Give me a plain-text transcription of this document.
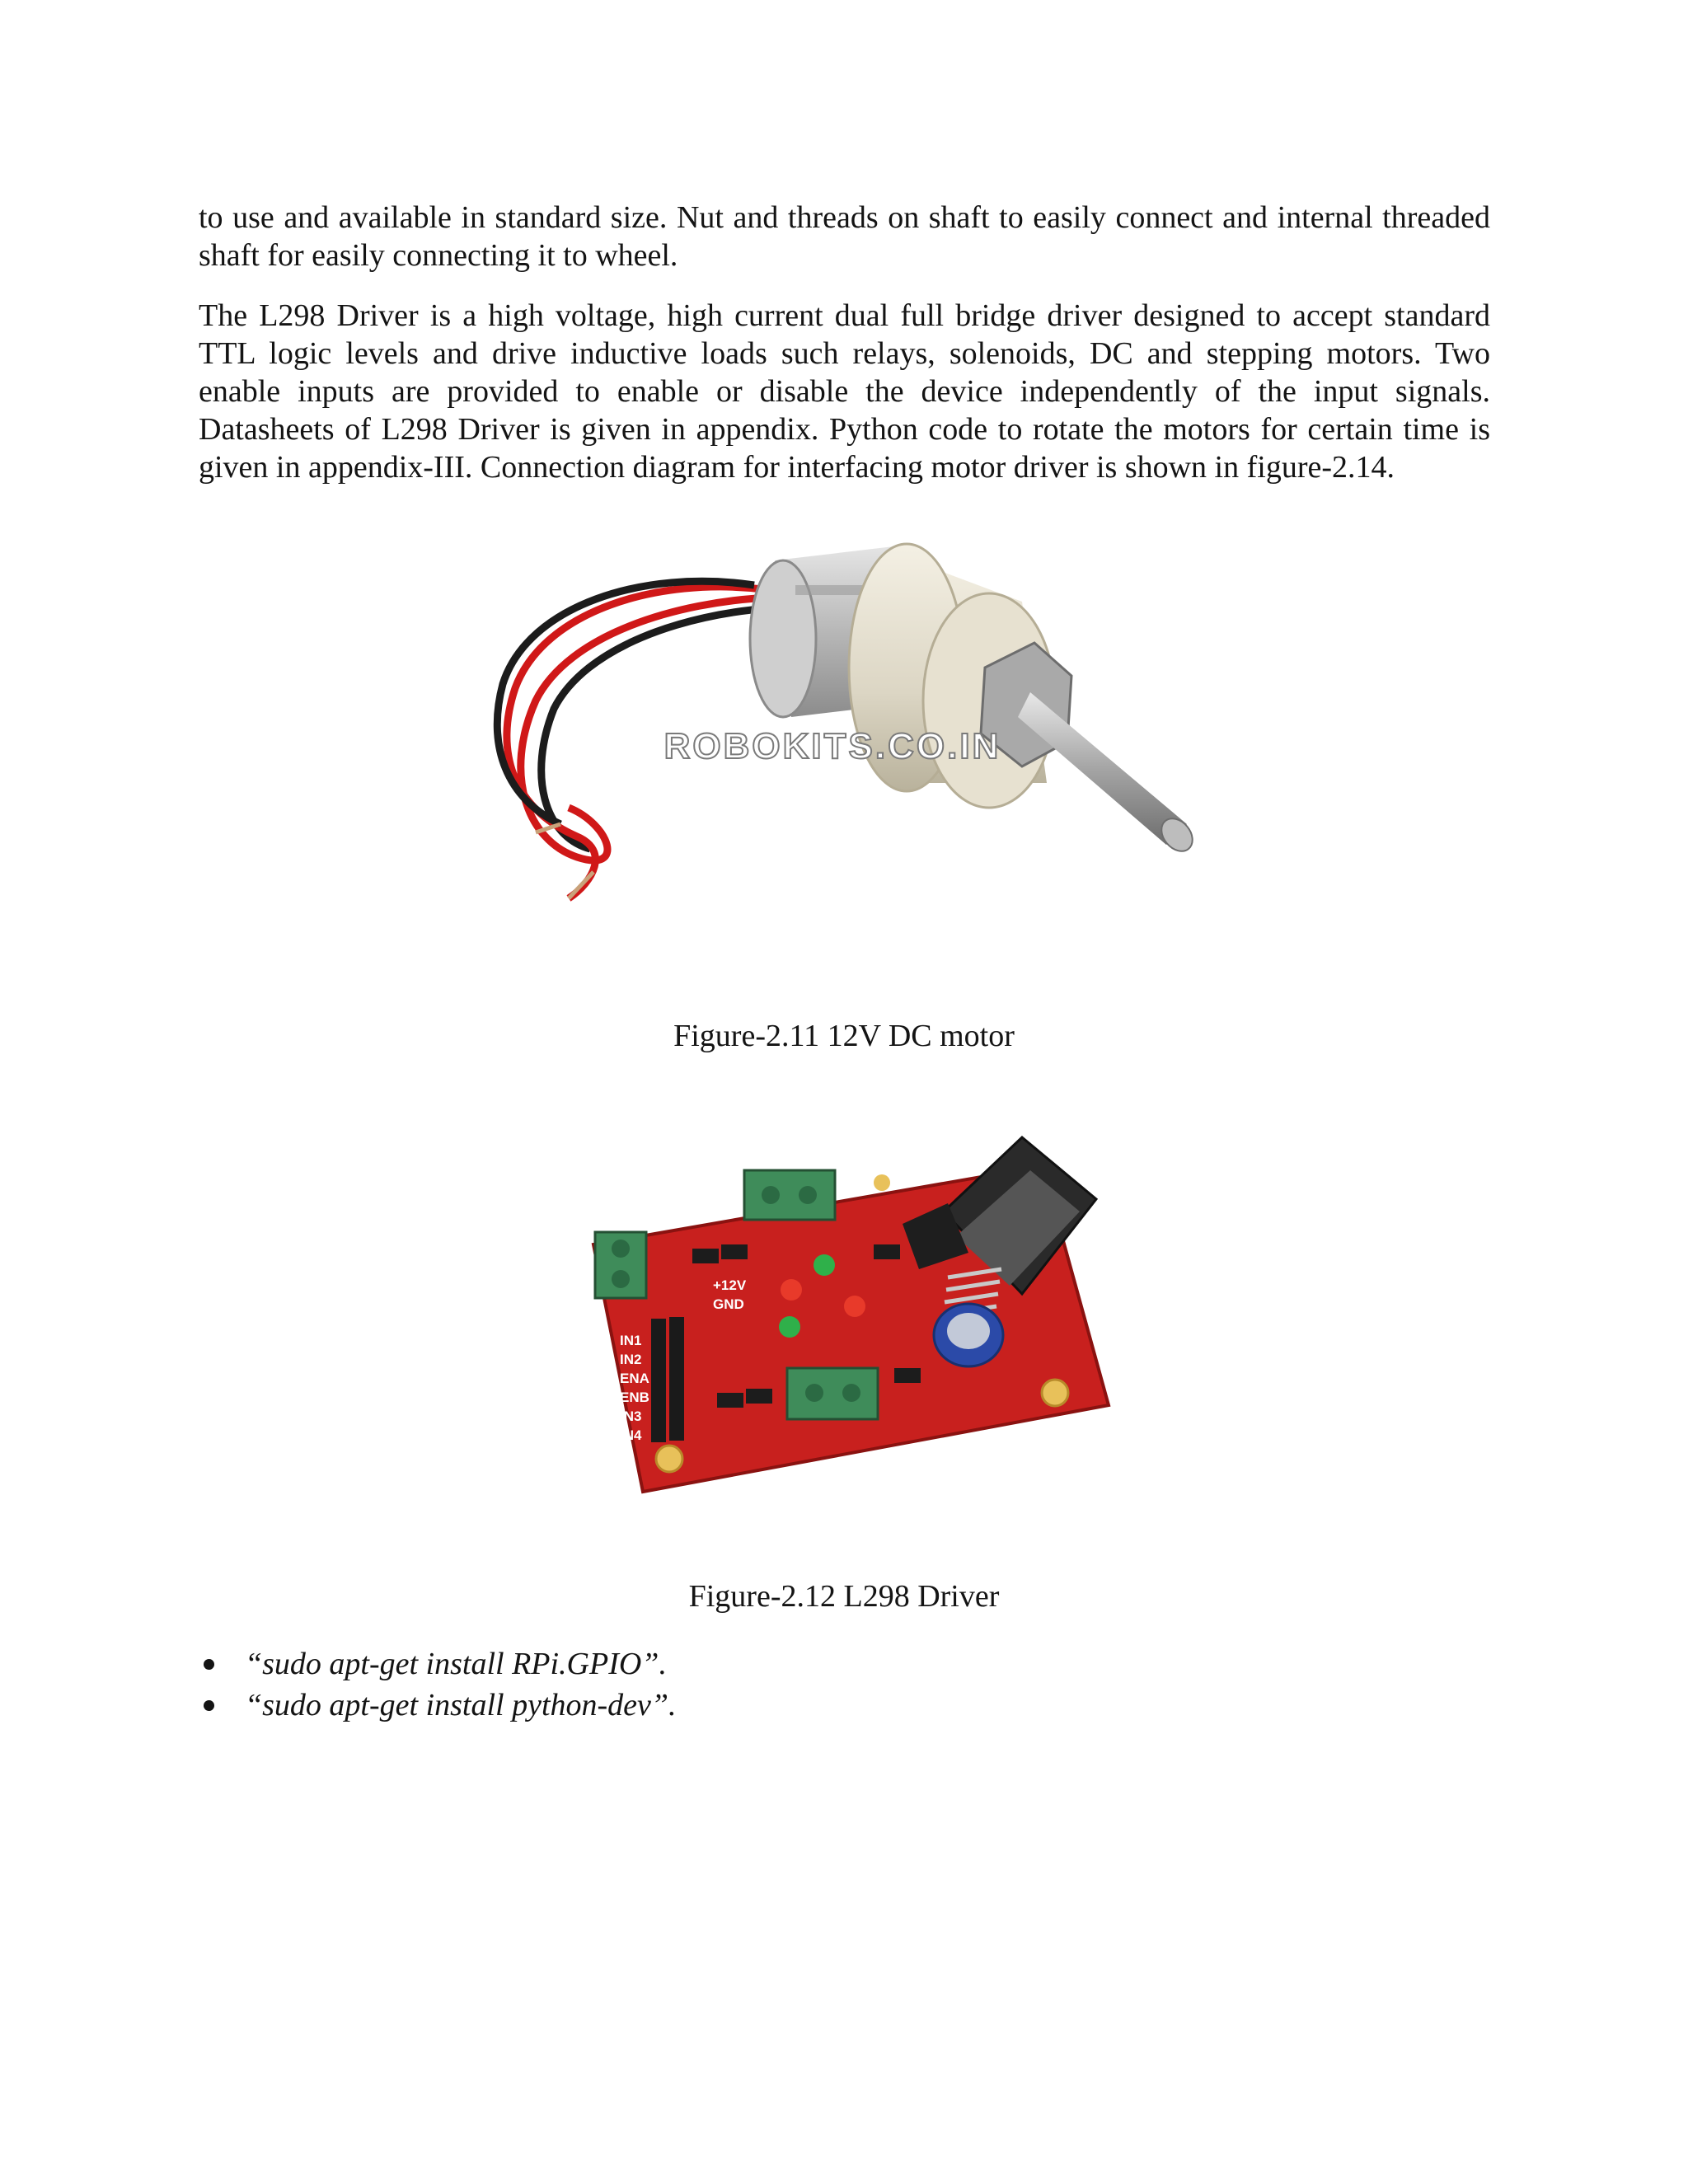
to use and available in standard size. Nut and threads on shaft to easily connect and internal threaded shaft for easily connecting it to wheel.

The L298 Driver is a high voltage, high current dual full bridge driver designed to accept standard TTL logic levels and drive inductive loads such relays, solenoids, DC and stepping motors. Two enable inputs are provided to enable or disable the device independently of the input signals. Datasheets of L298 Driver is given in appendix. Python code to rotate the motors for certain time is given in appendix-III. Connection diagram for interfacing motor driver is shown in figure-2.14.

ROBOKITS.CO.IN

Figure-2.11 12V DC motor

IN1
IN2
ENA
ENB
IN3
IN4
+12V
GND

Figure-2.12 L298 Driver

“sudo apt-get install RPi.GPIO”.
“sudo apt-get install python-dev”.
